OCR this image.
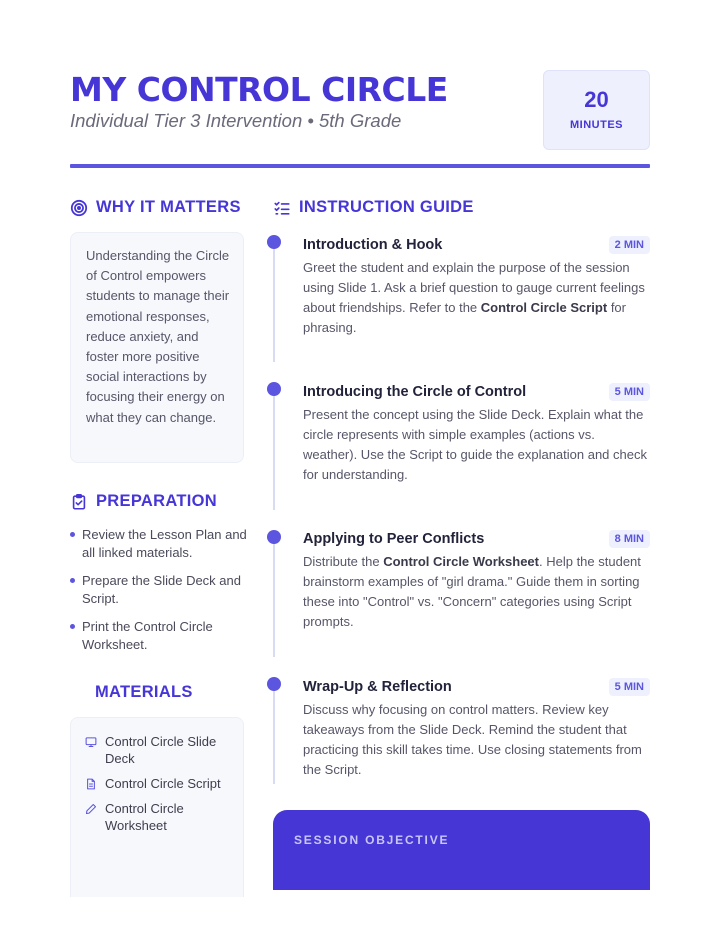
MY CONTROL CIRCLE
Individual Tier 3 Intervention • 5th Grade
20
MINUTES
WHY IT MATTERS

Understanding the Circle of Control empowers students to manage their emotional responses, reduce anxiety, and foster more positive social interactions by focusing their energy on what they can change.

PREPARATION
Review the Lesson Plan and all linked materials.
Prepare the Slide Deck and Script.
Print the Control Circle Worksheet.
MATERIALS
Control Circle Slide Deck
Control Circle Script
Control Circle Worksheet
INSTRUCTION GUIDE
Introduction & Hook	2 MIN

Greet the student and explain the purpose of the session using Slide 1. Ask a brief question to gauge current feelings about friendships. Refer to the Control Circle Script for phrasing.

Introducing the Circle of Control	5 MIN

Present the concept using the Slide Deck. Explain what the circle represents with simple examples (actions vs. weather). Use the Script to guide the explanation and check for understanding.

Applying to Peer Conflicts	8 MIN

Distribute the Control Circle Worksheet. Help the student brainstorm examples of "girl drama." Guide them in sorting these into "Control" vs. "Concern" categories using Script prompts.

Wrap-Up & Reflection	5 MIN

Discuss why focusing on control matters. Review key takeaways from the Slide Deck. Remind the student that practicing this skill takes time. Use closing statements from the Script.

SESSION OBJECTIVE
